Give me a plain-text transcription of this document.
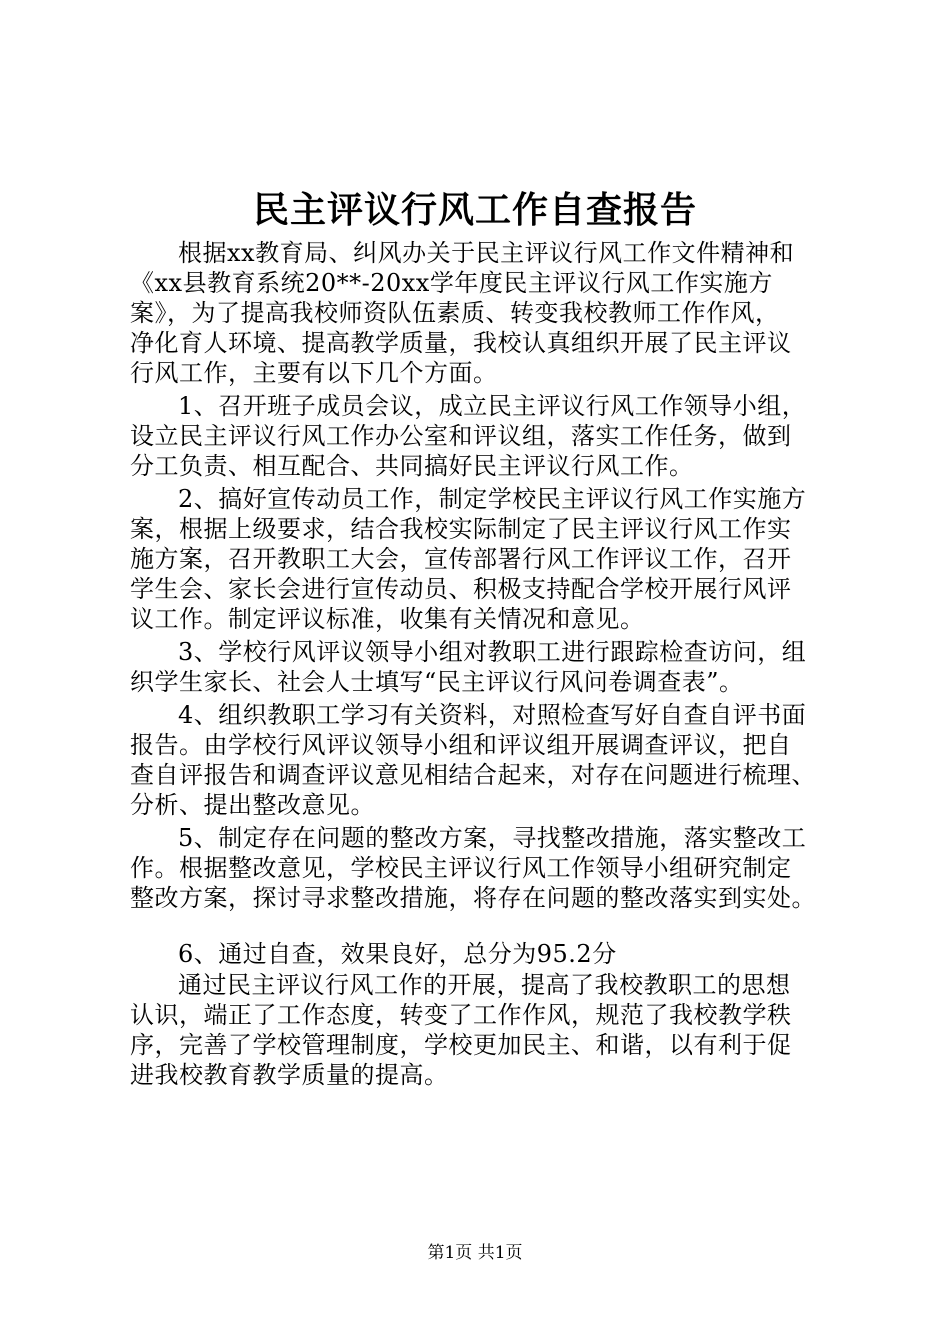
民主评议行风工作自查报告
根据xx教育局、纠风办关于民主评议行风工作文件精神和
《xx县教育系统20**-20xx学年度民主评议行风工作实施方
案》，为了提高我校师资队伍素质、转变我校教师工作作风，
净化育人环境、提高教学质量，我校认真组织开展了民主评议
行风工作，主要有以下几个方面。
1、召开班子成员会议，成立民主评议行风工作领导小组，
设立民主评议行风工作办公室和评议组，落实工作任务，做到
分工负责、相互配合、共同搞好民主评议行风工作。
2、搞好宣传动员工作，制定学校民主评议行风工作实施方
案，根据上级要求，结合我校实际制定了民主评议行风工作实
施方案，召开教职工大会，宣传部署行风工作评议工作，召开
学生会、家长会进行宣传动员、积极支持配合学校开展行风评
议工作。制定评议标准，收集有关情况和意见。
3、学校行风评议领导小组对教职工进行跟踪检查访问，组
织学生家长、社会人士填写“民主评议行风问卷调查表”。
4、组织教职工学习有关资料，对照检查写好自查自评书面
报告。由学校行风评议领导小组和评议组开展调查评议，把自
查自评报告和调查评议意见相结合起来，对存在问题进行梳理、
分析、提出整改意见。
5、制定存在问题的整改方案，寻找整改措施，落实整改工
作。根据整改意见，学校民主评议行风工作领导小组研究制定
整改方案，探讨寻求整改措施，将存在问题的整改落实到实处。
6、通过自查，效果良好，总分为95.2分
通过民主评议行风工作的开展，提高了我校教职工的思想
认识，端正了工作态度，转变了工作作风，规范了我校教学秩
序，完善了学校管理制度，学校更加民主、和谐，以有利于促
进我校教育教学质量的提高。
第1页 共1页
